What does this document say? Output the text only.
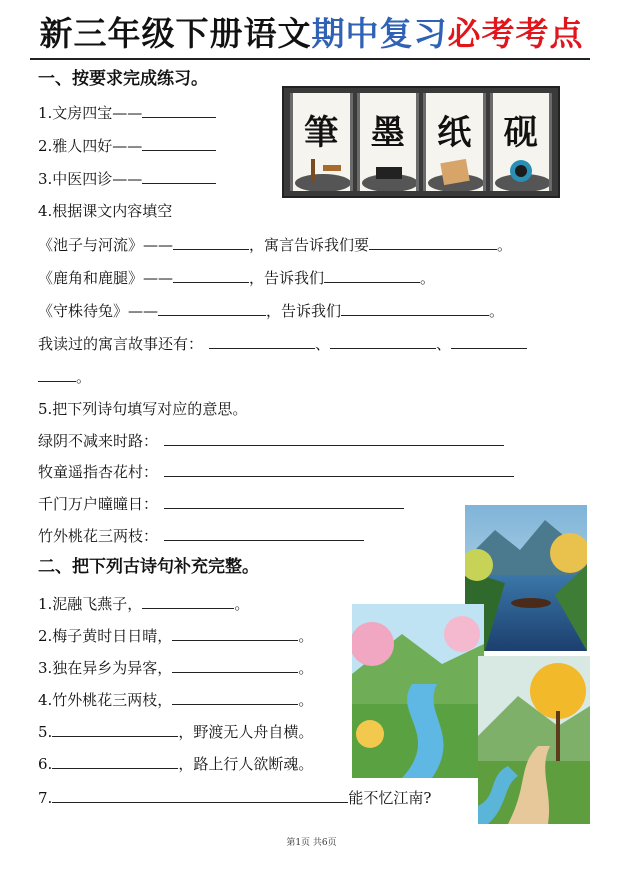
新三年级下册语文期中复习必考考点
一、按要求完成练习。
1.文房四宝——
2.雅人四好——
3.中医四诊——
4.根据课文内容填空
《池子与河流》——	，寓言告诉我们要	。
《鹿角和鹿腿》——	，告诉我们	。
《守株待兔》——	，告诉我们	。
我读过的寓言故事还有：	、	、
。
5.把下列诗句填写对应的意思。
绿阴不减来时路：
牧童遥指杏花村：
千门万户曈曈日：
竹外桃花三两枝：
二、把下列古诗句补充完整。
1.泥融飞燕子，	。
2.梅子黄时日日晴，	。
3.独在异乡为异客，	。
4.竹外桃花三两枝，	。
5.	，野渡无人舟自横。
6.	，路上行人欲断魂。
7.	能不忆江南?
筆 墨 纸 砚
第1页 共6页
